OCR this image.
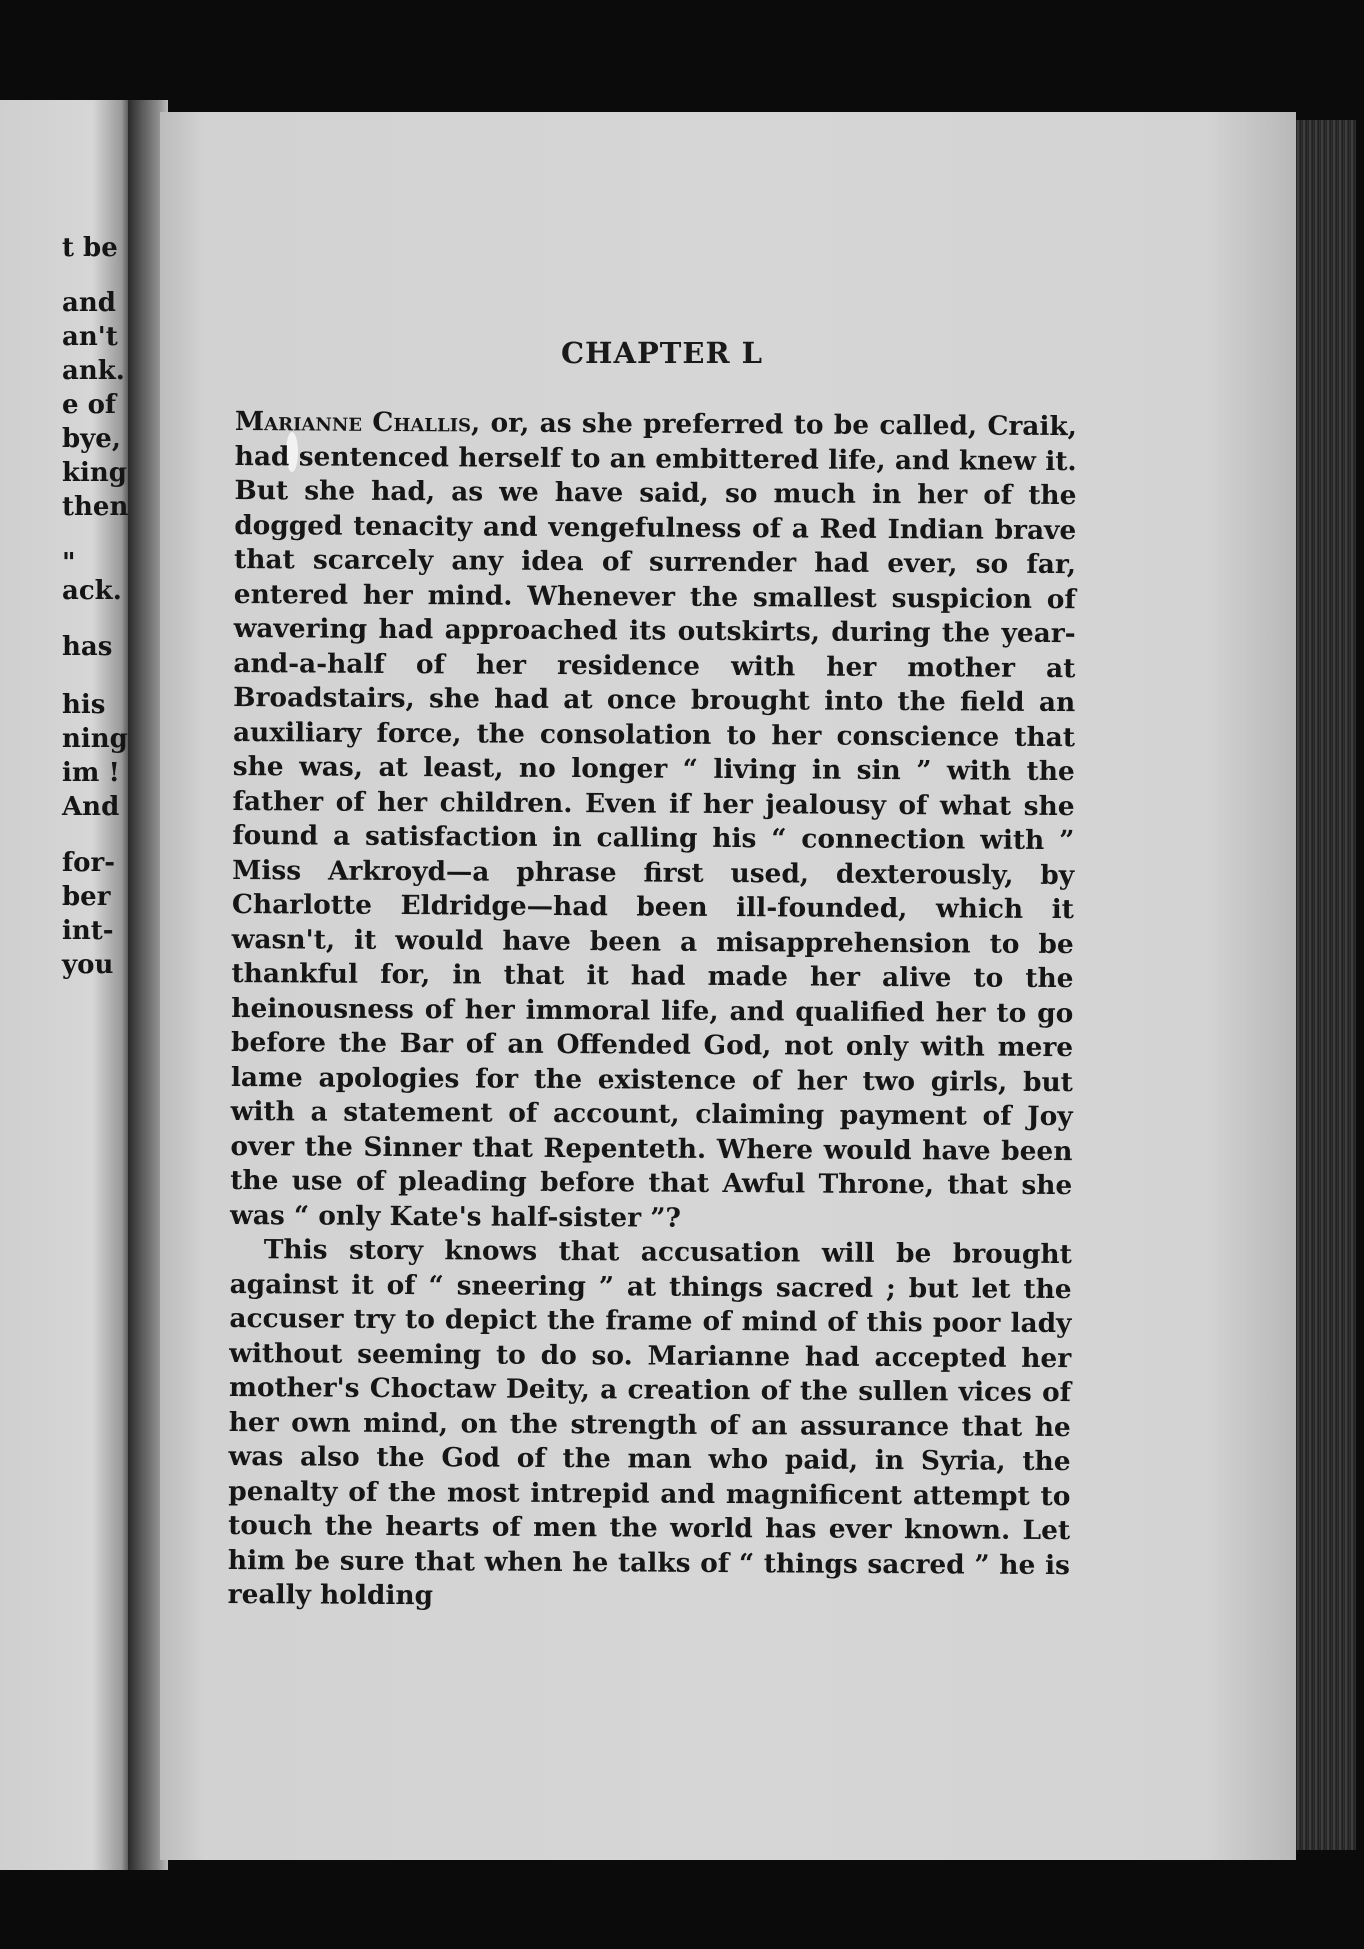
t be
and
an't
ank.
e of
bye,
king
then
"
ack.
has
his
ning
im !
And
for-
ber
int-
you
CHAPTER L

Marianne Challis, or, as she preferred to be called, Craik, had sentenced herself to an embittered life, and knew it. But she had, as we have said, so much in her of the dogged tenacity and vengefulness of a Red Indian brave that scarcely any idea of surrender had ever, so far, entered her mind. Whenever the smallest suspicion of wavering had approached its outskirts, during the year-and-a-half of her residence with her mother at Broadstairs, she had at once brought into the field an auxiliary force, the consolation to her conscience that she was, at least, no longer “ living in sin ” with the father of her children. Even if her jealousy of what she found a satisfaction in calling his “ connection with ” Miss Arkroyd—a phrase first used, dexterously, by Charlotte Eldridge—had been ill-founded, which it wasn't, it would have been a misapprehension to be thankful for, in that it had made her alive to the heinousness of her immoral life, and qualified her to go before the Bar of an Offended God, not only with mere lame apologies for the existence of her two girls, but with a statement of account, claiming payment of Joy over the Sinner that Repenteth. Where would have been the use of pleading before that Awful Throne, that she was “ only Kate's half-sister ”?

This story knows that accusation will be brought against it of “ sneering ” at things sacred ; but let the accuser try to depict the frame of mind of this poor lady without seeming to do so. Marianne had accepted her mother's Choctaw Deity, a creation of the sullen vices of her own mind, on the strength of an assurance that he was also the God of the man who paid, in Syria, the penalty of the most intrepid and magnificent attempt to touch the hearts of men the world has ever known. Let him be sure that when he talks of “ things sacred ” he is really holding
